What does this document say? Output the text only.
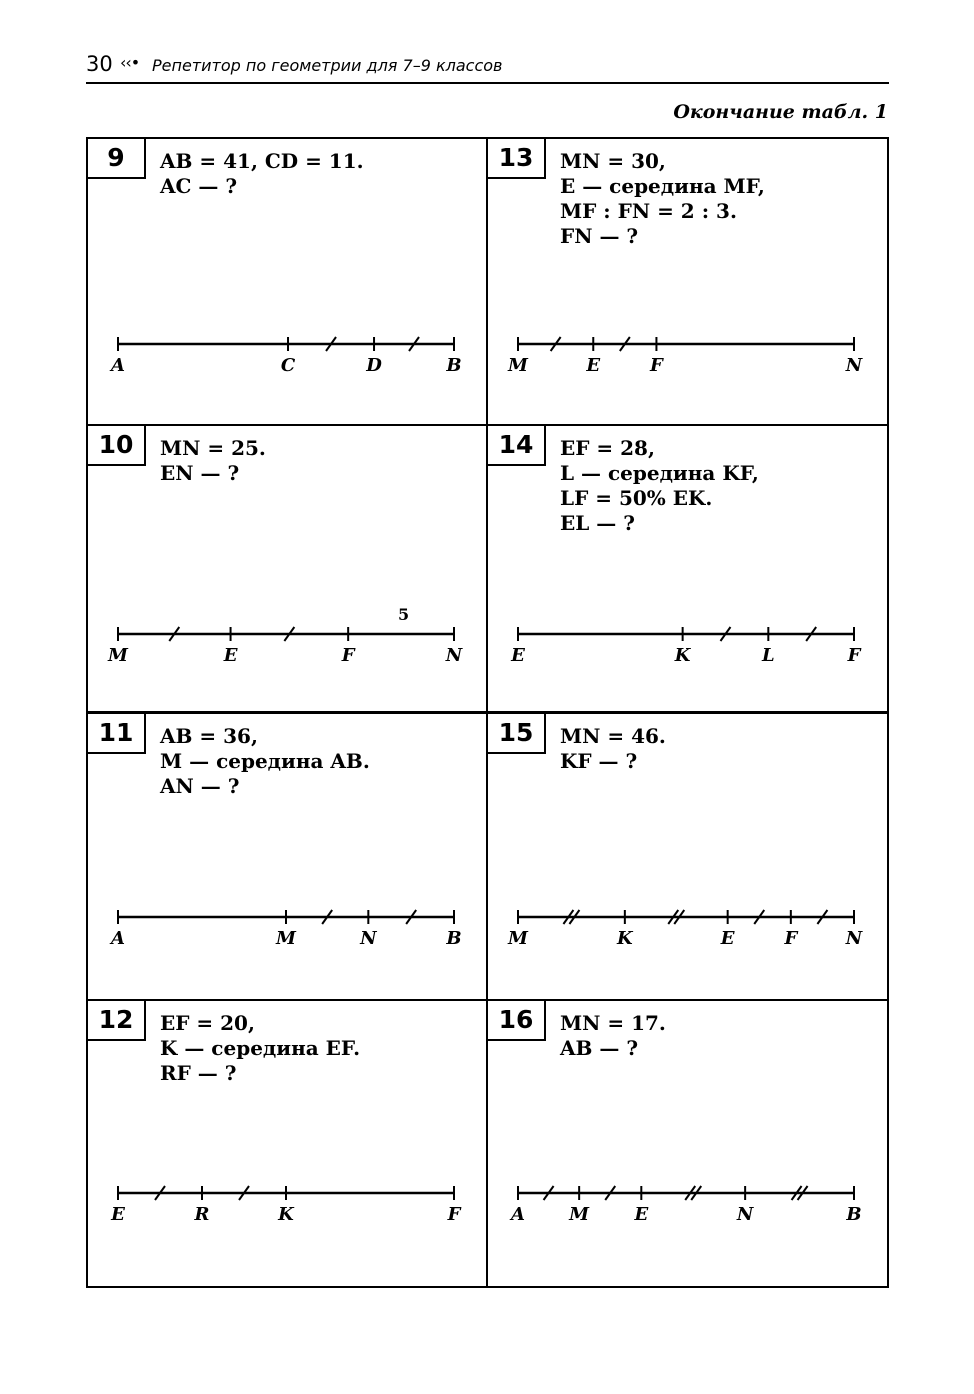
30 ‹‹• Репетитор по геометрии для 7–9 классов
Окончание табл. 1
9	AB = 41, CD = 11.
AC — ?
A	C	D	B
10	MN = 25.
EN — ?
M	E	F	N
5
11	AB = 36,
M — середина AB.
AN — ?
A	M	N	B
12	EF = 20,
K — середина EF.
RF — ?
E	R	K	F
13	MN = 30,
E — середина MF,
MF : FN = 2 : 3.
FN — ?
M	E	F	N
14	EF = 28,
L — середина KF,
LF = 50% EK.
EL — ?
E	K	L	F
15	MN = 46.
KF — ?
M	K	E	F	N
16	MN = 17.
AB — ?
A M	E	N	B
